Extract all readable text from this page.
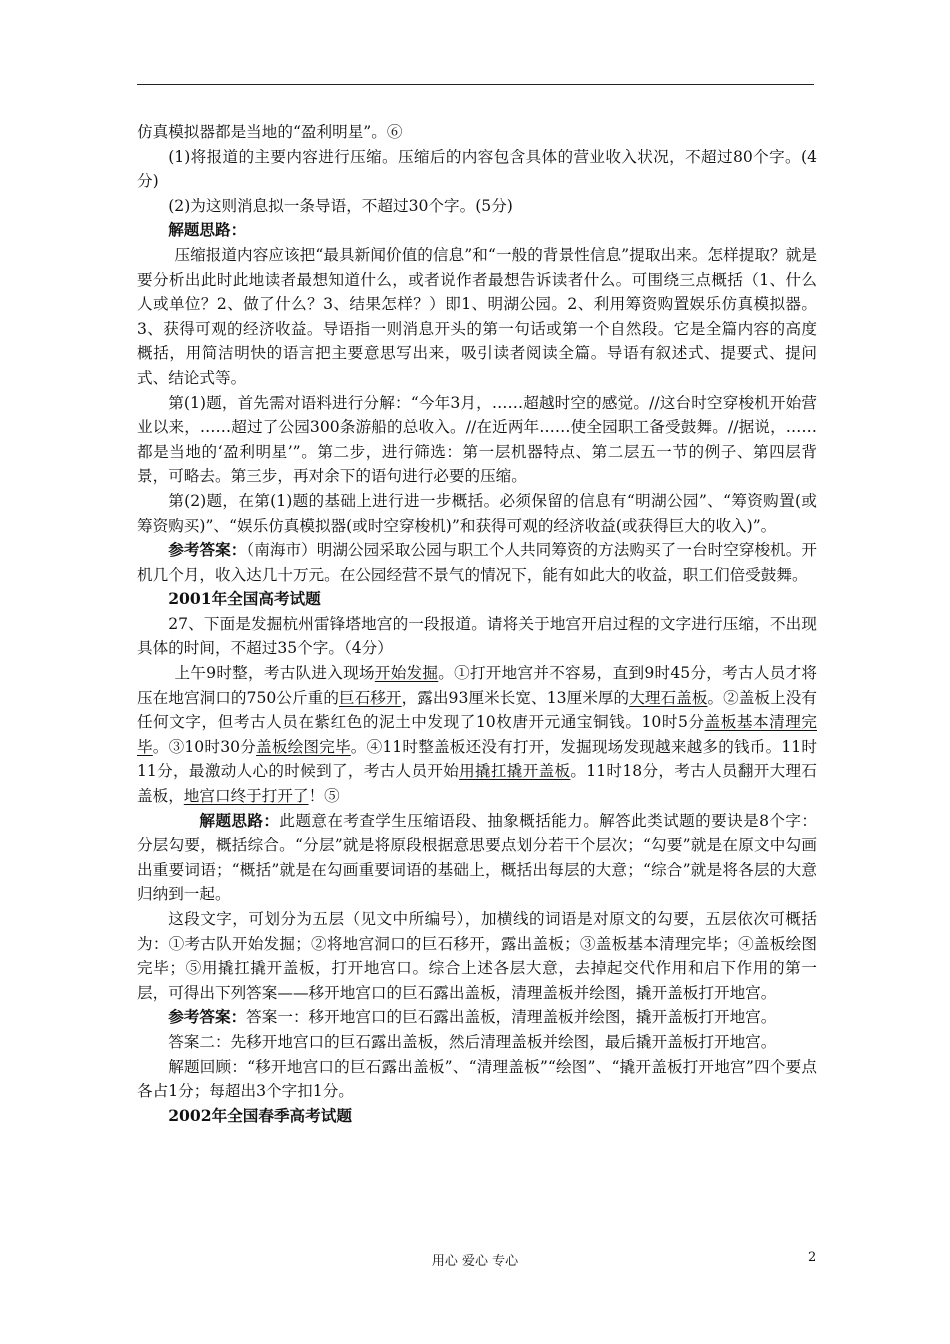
仿真模拟器都是当地的“盈利明星”。⑥

(1)将报道的主要内容进行压缩。压缩后的内容包含具体的营业收入状况，不超过80个字。(4分)

(2)为这则消息拟一条导语，不超过30个字。(5分)

解题思路：

压缩报道内容应该把“最具新闻价值的信息”和“一般的背景性信息”提取出来。怎样提取？就是要分析出此时此地读者最想知道什么，或者说作者最想告诉读者什么。可围绕三点概括（1、什么人或单位？2、做了什么？3、结果怎样？）即1、明湖公园。2、利用筹资购置娱乐仿真模拟器。3、获得可观的经济收益。导语指一则消息开头的第一句话或第一个自然段。它是全篇内容的高度概括，用简洁明快的语言把主要意思写出来，吸引读者阅读全篇。导语有叙述式、提要式、提问式、结论式等。

第(1)题，首先需对语料进行分解：“今年3月，……超越时空的感觉。//这台时空穿梭机开始营业以来，……超过了公园300条游船的总收入。//在近两年……使全园职工备受鼓舞。//据说，……都是当地的‘盈利明星’”。第二步，进行筛选：第一层机器特点、第二层五一节的例子、第四层背景，可略去。第三步，再对余下的语句进行必要的压缩。

第(2)题，在第(1)题的基础上进行进一步概括。必须保留的信息有“明湖公园”、“筹资购置(或筹资购买)”、“娱乐仿真模拟器(或时空穿梭机)”和获得可观的经济收益(或获得巨大的收入)”。

参考答案：（南海市）明湖公园采取公园与职工个人共同筹资的方法购买了一台时空穿梭机。开机几个月，收入达几十万元。在公园经营不景气的情况下，能有如此大的收益，职工们倍受鼓舞。

2001年全国高考试题

27、下面是发掘杭州雷锋塔地宫的一段报道。请将关于地宫开启过程的文字进行压缩，不出现具体的时间，不超过35个字。（4分）

上午9时整，考古队进入现场开始发掘。①打开地宫并不容易，直到9时45分，考古人员才将压在地宫洞口的750公斤重的巨石移开，露出93厘米长宽、13厘米厚的大理石盖板。②盖板上没有任何文字，但考古人员在紫红色的泥土中发现了10枚唐开元通宝铜钱。10时5分盖板基本清理完毕。③10时30分盖板绘图完毕。④11时整盖板还没有打开，发掘现场发现越来越多的钱币。11时11分，最激动人心的时候到了，考古人员开始用撬扛撬开盖板。11时18分，考古人员翻开大理石盖板，地宫口终于打开了！⑤

解题思路：此题意在考查学生压缩语段、抽象概括能力。解答此类试题的要诀是8个字：分层勾要，概括综合。“分层”就是将原段根据意思要点划分若干个层次；“勾要”就是在原文中勾画出重要词语；“概括”就是在勾画重要词语的基础上，概括出每层的大意；“综合”就是将各层的大意归纳到一起。

这段文字，可划分为五层（见文中所编号），加横线的词语是对原文的勾要，五层依次可概括为：①考古队开始发掘；②将地宫洞口的巨石移开，露出盖板；③盖板基本清理完毕；④盖板绘图完毕；⑤用撬扛撬开盖板，打开地宫口。综合上述各层大意，去掉起交代作用和启下作用的第一层，可得出下列答案——移开地宫口的巨石露出盖板，清理盖板并绘图，撬开盖板打开地宫。

参考答案：答案一：移开地宫口的巨石露出盖板，清理盖板并绘图，撬开盖板打开地宫。

答案二：先移开地宫口的巨石露出盖板，然后清理盖板并绘图，最后撬开盖板打开地宫。

解题回顾：“移开地宫口的巨石露出盖板”、“清理盖板”“绘图”、“撬开盖板打开地宫”四个要点各占1分；每超出3个字扣1分。

2002年全国春季高考试题

用心 爱心 专心	2
